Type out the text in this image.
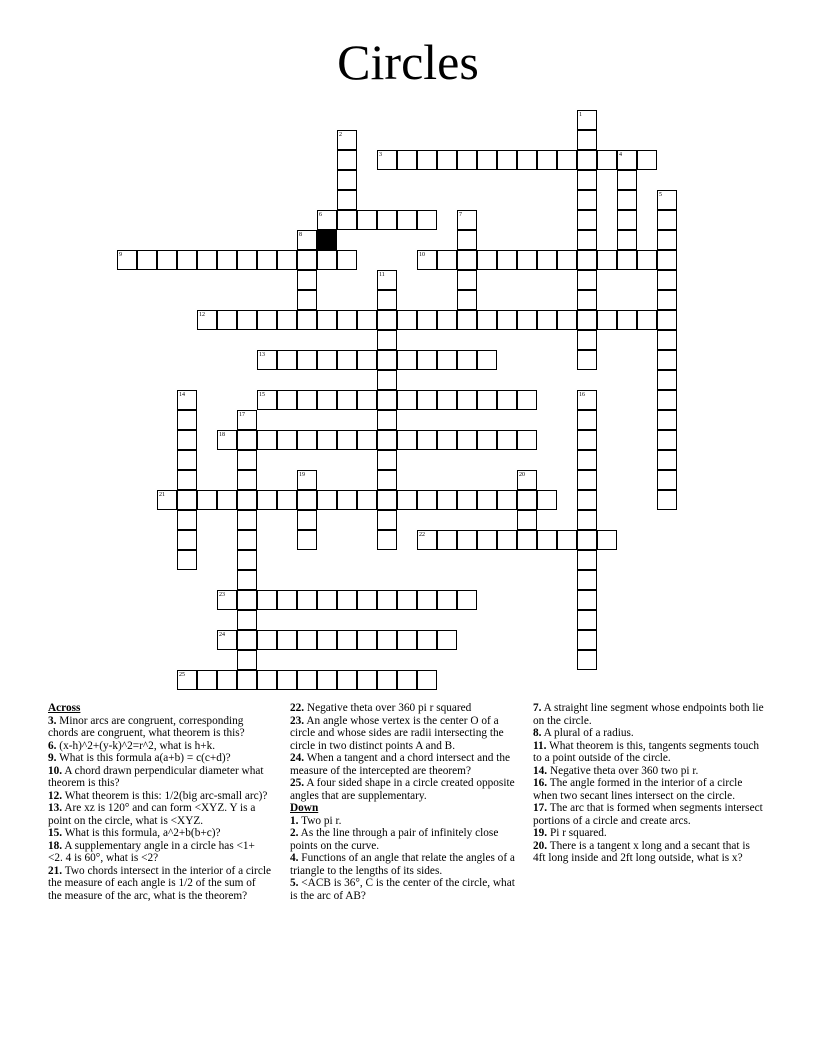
Circles
1
2
3	4
5
6	7
8
9	10
11
12
13
14	15	16
17
18
19	20
21
22
23
24
25
Across
3. Minor arcs are congruent, corresponding chords are congruent, what theorem is this?
6. (x-h)^2+(y-k)^2=r^2, what is h+k.
9. What is this formula a(a+b) = c(c+d)?
10. A chord drawn perpendicular diameter what theorem is this?
12. What theorem is this: 1/2(big arc-small arc)?
13. Are xz is 120° and can form <XYZ. Y is a point on the circle, what is <XYZ.
15. What is this formula, a^2+b(b+c)?
18. A supplementary angle in a circle has <1+ <2. 4 is 60°, what is <2?
21. Two chords intersect in the interior of a circle the measure of each angle is 1/2 of the sum of the measure of the arc, what is the theorem?
22. Negative theta over 360 pi r squared
23. An angle whose vertex is the center O of a circle and whose sides are radii intersecting the circle in two distinct points A and B.
24. When a tangent and a chord intersect and the measure of the intercepted are theorem?
25. A four sided shape in a circle created opposite angles that are supplementary.
Down
1. Two pi r.
2. As the line through a pair of infinitely close points on the curve.
4. Functions of an angle that relate the angles of a triangle to the lengths of its sides.
5. <ACB is 36°, C is the center of the circle, what is the arc of AB?
7. A straight line segment whose endpoints both lie on the circle.
8. A plural of a radius.
11. What theorem is this, tangents segments touch to a point outside of the circle.
14. Negative theta over 360 two pi r.
16. The angle formed in the interior of a circle when two secant lines intersect on the circle.
17. The arc that is formed when segments intersect portions of a circle and create arcs.
19. Pi r squared.
20. There is a tangent x long and a secant that is 4ft long inside and 2ft long outside, what is x?
